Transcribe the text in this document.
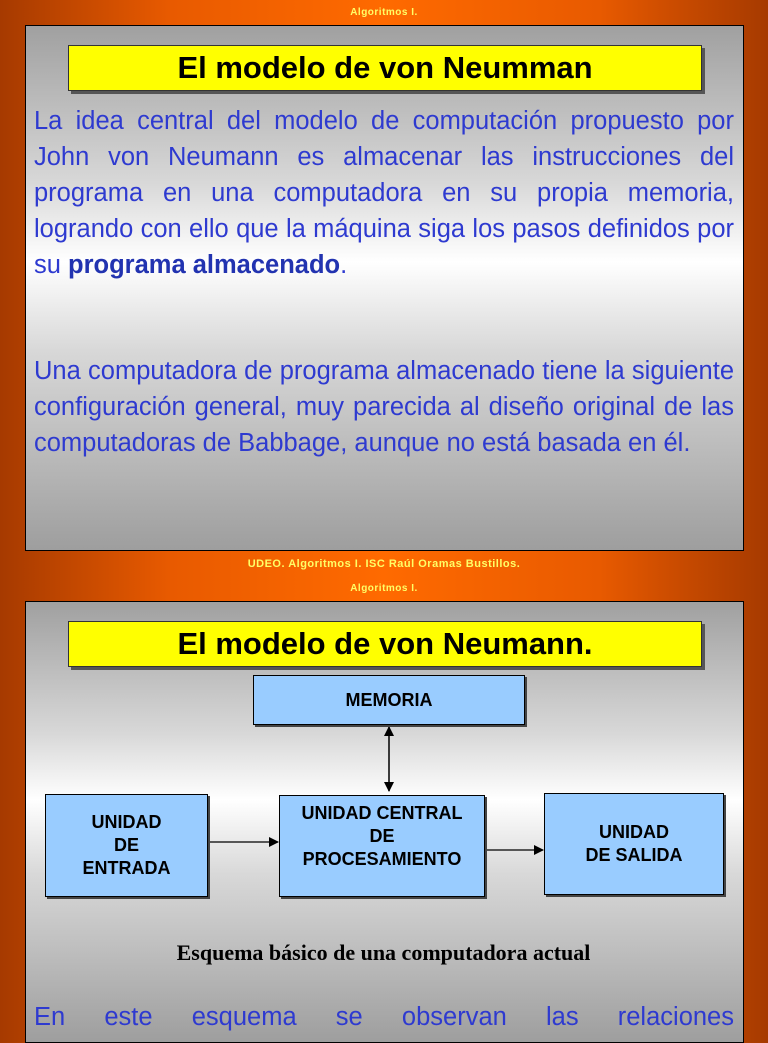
Algoritmos I.
El modelo de von Neumman
La idea central del modelo de computación propuesto por John von Neumann es almacenar las instrucciones del programa en una computadora en su propia memoria, logrando con ello que la máquina siga los pasos definidos por su programa almacenado.
Una computadora de programa almacenado tiene la siguiente configuración general, muy parecida al diseño original de las computadoras de Babbage, aunque no está basada en él.
UDEO. Algoritmos I. ISC Raúl Oramas Bustillos.
Algoritmos I.
El modelo de von Neumann.
MEMORIA
UNIDAD
DE
ENTRADA
UNIDAD CENTRAL
DE
PROCESAMIENTO
UNIDAD
DE SALIDA
Esquema básico de una computadora actual
En este esquema se observan las relaciones
